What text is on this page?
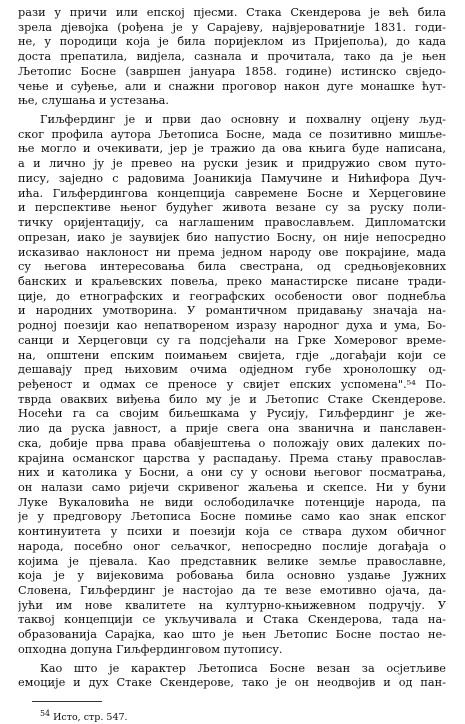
рази у причи или епској пјесми. Стака Скендерова је већ била
зрела дјевојка (рођена је у Сарајеву, највјероватније 1831. годи-
не, у породици која је била поријеклом из Пријепоља), до када
доста препатила, видјела, сазнала и прочитала, тако да је њен
Љетопис Босне (завршен јануара 1858. године) истинско свједо-
чење и суђење, али и снажни проговор након дуге монашке ћут-
ње, слушања и устезања.
Гиљфердинг је и први дао основну и похвалну оцјену људ-
ског профила аутора Љетописа Босне, мада се позитивно мишље-
ње могло и очекивати, јер је тражио да ова књига буде написана,
а и лично ју је превео на руски језик и придружио свом путо-
пису, заједно с радовима Јоаникија Памучине и Нићифора Дуч-
ића. Гиљфердингова концепција савремене Босне и Херцеговине
и перспективе њеног будућег живота везане су за руску поли-
тичку оријентацију, са наглашеним православљем. Дипломатски
опрезан, иако је заувијек био напустио Босну, он није непосредно
исказивао наклоност ни према једном народу ове покрајине, мада
су његова интересовања била свестрана, од средњовјековних
банских и краљевских повеља, преко манастирске писане тради-
ције, до етнографских и географских особености овог поднебља
и народних умотворина. У романтичном придавању значаја на-
родној поезији као непатвореном изразу народног духа и ума, Бо-
санци и Херцеговци су га подсјећали на Грке Хомеровог време-
на, општени епским поимањем свијета, гдје „догађаји који се
дешавају пред њиховим очима одједном губе хронолошку од-
ређеност и одмах се преносе у свијет епских успомена".⁵⁴ По-
тврда оваквих виђења било му је и Љетопис Стаке Скендерове.
Носећи га са својим биљешкама у Русију, Гиљфердинг је же-
лио да руска јавност, а прије свега она званична и панславен-
ска, добије прва права обавјештења о положају ових далеких по-
крајина османског царства у распадању. Према стању православ-
них и католика у Босни, а они су у основи његовог посматрања,
он налази само ријечи скривеног жаљења и скепсе. Ни у буни
Луке Вукаловића не види ослободилачке потенције народа, па
је у предговору Љетописа Босне помиње само као знак епског
континуитета у психи и поезији која се ствара духом обичног
народа, посебно оног сељачког, непосредно послије догађаја о
којима је пјевала. Као представник велике земље православне,
која је у вијековима робовања била основно уздање Јужних
Словена, Гиљфердинг је настојао да те везе емотивно ојача, да-
јући им нове квалитете на културно-књижевном подручју. У
таквој концепцији се укључивала и Стака Скендерова, тада на-
образованија Сарајка, као што је њен Љетопис Босне постао не-
опходна допуна Гиљфердинговом путопису.
Као што је карактер Љетописа Босне везан за осјетљиве
емоције и дух Стаке Скендерове, тако је он неодвојив и од пан-
$^{54}$ Исто, стр. 547.
